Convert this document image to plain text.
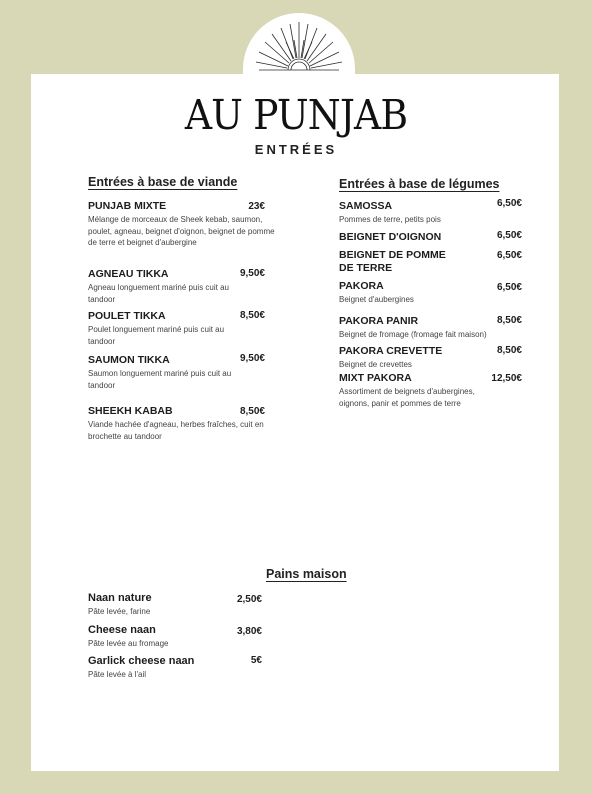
AU PUNJAB
ENTRÉES
Entrées à base de viande
PUNJAB MIXTE
Mélange de morceaux de Sheek kebab, saumon, poulet, agneau, beignet d'oignon, beignet de pomme de terre et beignet d'aubergine
23€
AGNEAU TIKKA
Agneau longuement mariné puis cuit au tandoor
9,50€
POULET TIKKA
Poulet longuement mariné puis cuit au tandoor
8,50€
SAUMON TIKKA
Saumon longuement mariné puis cuit au tandoor
9,50€
SHEEKH KABAB
Viande hachée d'agneau, herbes fraîches, cuit en brochette au tandoor
8,50€
Entrées à base de légumes
SAMOSSA
Pommes de terre, petits pois
6,50€
BEIGNET D'OIGNON	6,50€
BEIGNET DE POMME
DE TERRE
6,50€
PAKORA
Beignet d'aubergines
6,50€
PAKORA PANIR
Beignet de fromage (fromage fait maison)
8,50€
PAKORA CREVETTE
Beignet de crevettes
8,50€
MIXT PAKORA
Assortiment de beignets d'aubergines, oignons, panir et pommes de terre
12,50€
Pains maison
Naan nature
Pâte levée, farine
2,50€
Cheese naan
Pâte levée au fromage
3,80€
Garlick cheese naan
Pâte levée à l'ail
5€
